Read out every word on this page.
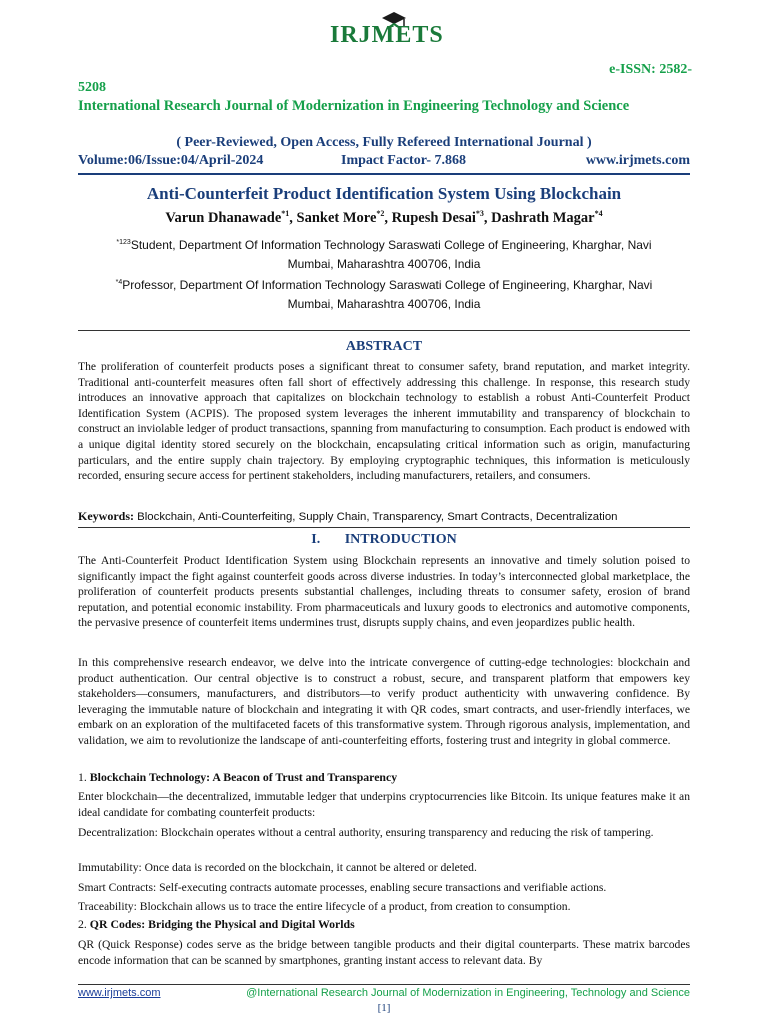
IRJMETS
e-ISSN: 2582-
5208
International Research Journal of Modernization in Engineering Technology and Science
( Peer-Reviewed, Open Access, Fully Refereed International Journal )
Volume:06/Issue:04/April-2024	Impact Factor- 7.868	www.irjmets.com
Anti-Counterfeit Product Identification System Using Blockchain
Varun Dhanawade$^{*1}$, Sanket More$^{*2}$, Rupesh Desai$^{*3}$, Dashrath Magar$^{*4}$
$^{*123}$Student, Department Of Information Technology Saraswati College of Engineering, Kharghar, Navi
Mumbai, Maharashtra 400706, India
$^{*4}$Professor, Department Of Information Technology Saraswati College of Engineering, Kharghar, Navi
Mumbai, Maharashtra 400706, India
ABSTRACT
The proliferation of counterfeit products poses a significant threat to consumer safety, brand reputation, and market integrity. Traditional anti-counterfeit measures often fall short of effectively addressing this challenge. In response, this research study introduces an innovative approach that capitalizes on blockchain technology to establish a robust Anti-Counterfeit Product Identification System (ACPIS). The proposed system leverages the inherent immutability and transparency of blockchain to construct an inviolable ledger of product transactions, spanning from manufacturing to consumption. Each product is endowed with a unique digital identity stored securely on the blockchain, encapsulating critical information such as origin, manufacturing particulars, and the entire supply chain trajectory. By employing cryptographic techniques, this information is meticulously recorded, ensuring secure access for pertinent stakeholders, including manufacturers, retailers, and consumers.
Keywords: Blockchain, Anti-Counterfeiting, Supply Chain, Transparency, Smart Contracts, Decentralization
I.       INTRODUCTION
The Anti-Counterfeit Product Identification System using Blockchain represents an innovative and timely solution poised to significantly impact the fight against counterfeit goods across diverse industries. In today’s interconnected global marketplace, the proliferation of counterfeit products presents substantial challenges, including threats to consumer safety, erosion of brand reputation, and potential economic instability. From pharmaceuticals and luxury goods to electronics and automotive components, the pervasive presence of counterfeit items undermines trust, disrupts supply chains, and even jeopardizes public health.
In this comprehensive research endeavor, we delve into the intricate convergence of cutting-edge technologies: blockchain and product authentication. Our central objective is to construct a robust, secure, and transparent platform that empowers key stakeholders—consumers, manufacturers, and distributors—to verify product authenticity with unwavering confidence. By leveraging the immutable nature of blockchain and integrating it with QR codes, smart contracts, and user-friendly interfaces, we embark on an exploration of the multifaceted facets of this transformative system. Through rigorous analysis, implementation, and validation, we aim to revolutionize the landscape of anti-counterfeiting efforts, fostering trust and integrity in global commerce.
1. Blockchain Technology: A Beacon of Trust and Transparency
Enter blockchain—the decentralized, immutable ledger that underpins cryptocurrencies like Bitcoin. Its unique features make it an ideal candidate for combating counterfeit products:
Decentralization: Blockchain operates without a central authority, ensuring transparency and reducing the risk of tampering.
Immutability: Once data is recorded on the blockchain, it cannot be altered or deleted.
Smart Contracts: Self-executing contracts automate processes, enabling secure transactions and verifiable actions.
Traceability: Blockchain allows us to trace the entire lifecycle of a product, from creation to consumption.
2. QR Codes: Bridging the Physical and Digital Worlds
QR (Quick Response) codes serve as the bridge between tangible products and their digital counterparts. These matrix barcodes encode information that can be scanned by smartphones, granting instant access to relevant data. By
www.irjmets.com	@International Research Journal of Modernization in Engineering, Technology and Science
[1]
